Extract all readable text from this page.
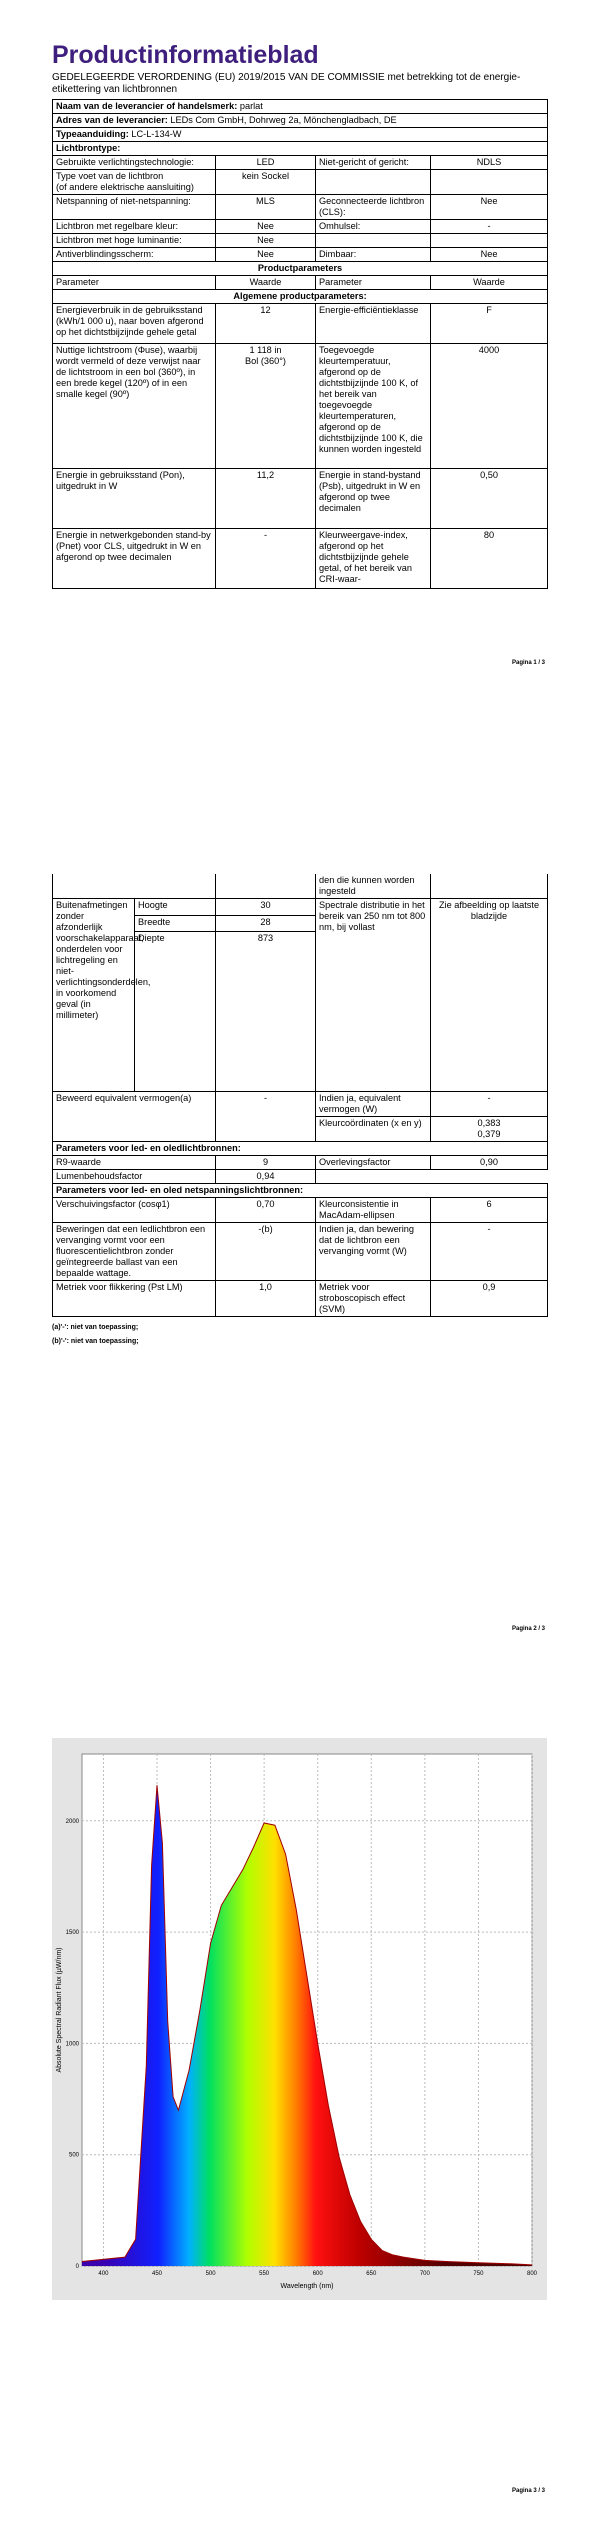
Productinformatieblad
GEDELEGEERDE VERORDENING (EU) 2019/2015 VAN DE COMMISSIE met betrekking tot de energie-etikettering van lichtbronnen
Naam van de leverancier of handelsmerk: parlat			
Adres van de leverancier: LEDs Com GmbH, Dohrweg 2a, Mönchengladbach, DE			
Typeaanduiding: LC-L-134-W			
Lichtbrontype:			
Gebruikte verlichtingstechnologie:	LED	Niet-gericht of gericht:	NDLS
Type voet van de lichtbron
(of andere elektrische aansluiting)	kein Sockel		
Netspanning of niet-netspanning:	MLS	Geconnecteerde lichtbron (CLS):	Nee
Lichtbron met regelbare kleur:	Nee	Omhulsel:	-
Lichtbron met hoge luminantie:	Nee		
Antiverblindingsscherm:	Nee	Dimbaar:	Nee
Productparameters			
Parameter	Waarde	Parameter	Waarde
Algemene productparameters:			
Energieverbruik in de gebruiksstand (kWh/1 000 u), naar boven afgerond op het dichtstbijzijnde gehele getal	12	Energie-efficiëntieklasse	F
Nuttige lichtstroom (Φuse), waarbij wordt vermeld of deze verwijst naar de lichtstroom in een bol (360º), in een brede kegel (120º) of in een smalle kegel (90º)	1 118 in
Bol (360°)	Toegevoegde kleurtemperatuur, afgerond op de dichtstbijzijnde 100 K, of het bereik van toegevoegde kleurtemperaturen, afgerond op de dichtstbijzijnde 100 K, die kunnen worden ingesteld	4000
Energie in gebruiksstand (Pon), uitgedrukt in W	11,2	Energie in stand-bystand (Psb), uitgedrukt in W en afgerond op twee decimalen	0,50
Energie in netwerkgebonden stand-by (Pnet) voor CLS, uitgedrukt in W en afgerond op twee decimalen	-	Kleurweergave-index, afgerond op het dichtstbijzijnde gehele getal, of het bereik van CRI-waar-	80
Pagina 1 / 3
			den die kunnen worden ingesteld	
Buitenafmetingen zonder afzonderlijk voorschakelapparaat, onderdelen voor lichtregeling en niet-verlichtingsonderdelen, in voorkomend geval (in millimeter)	Hoogte	30	Spectrale distributie in het bereik van 250 nm tot 800 nm, bij vollast	Zie afbeelding op laatste bladzijde
	Breedte	28		
	Diepte	873		
Beweerd equivalent vermogen(a)		-	Indien ja, equivalent vermogen (W)	-
			Kleurcoördinaten (x en y)	0,383
0,379
Parameters voor led- en oledlichtbronnen:				
R9-waarde		9	Overlevingsfactor	0,90
Lumenbehoudsfactor		0,94		
Parameters voor led- en oled netspanningslichtbronnen:				
Verschuivingsfactor (cosφ1)		0,70	Kleurconsistentie in MacAdam-ellipsen	6
Beweringen dat een ledlichtbron een vervanging vormt voor een fluorescentielichtbron zonder geïntegreerde ballast van een bepaalde wattage.		-(b)	Indien ja, dan bewering dat de lichtbron een vervanging vormt (W)	-
Metriek voor flikkering (Pst LM)		1,0	Metriek voor stroboscopisch effect (SVM)	0,9
(a)'-': niet van toepassing;
(b)'-': niet van toepassing;
Pagina 2 / 3
400	450	500	550	600	650	700	750	800
0
500
1000
1500
2000
Wavelength (nm)
Absolute Spectral Radiant Flux (µW/nm)
Pagina 3 / 3
